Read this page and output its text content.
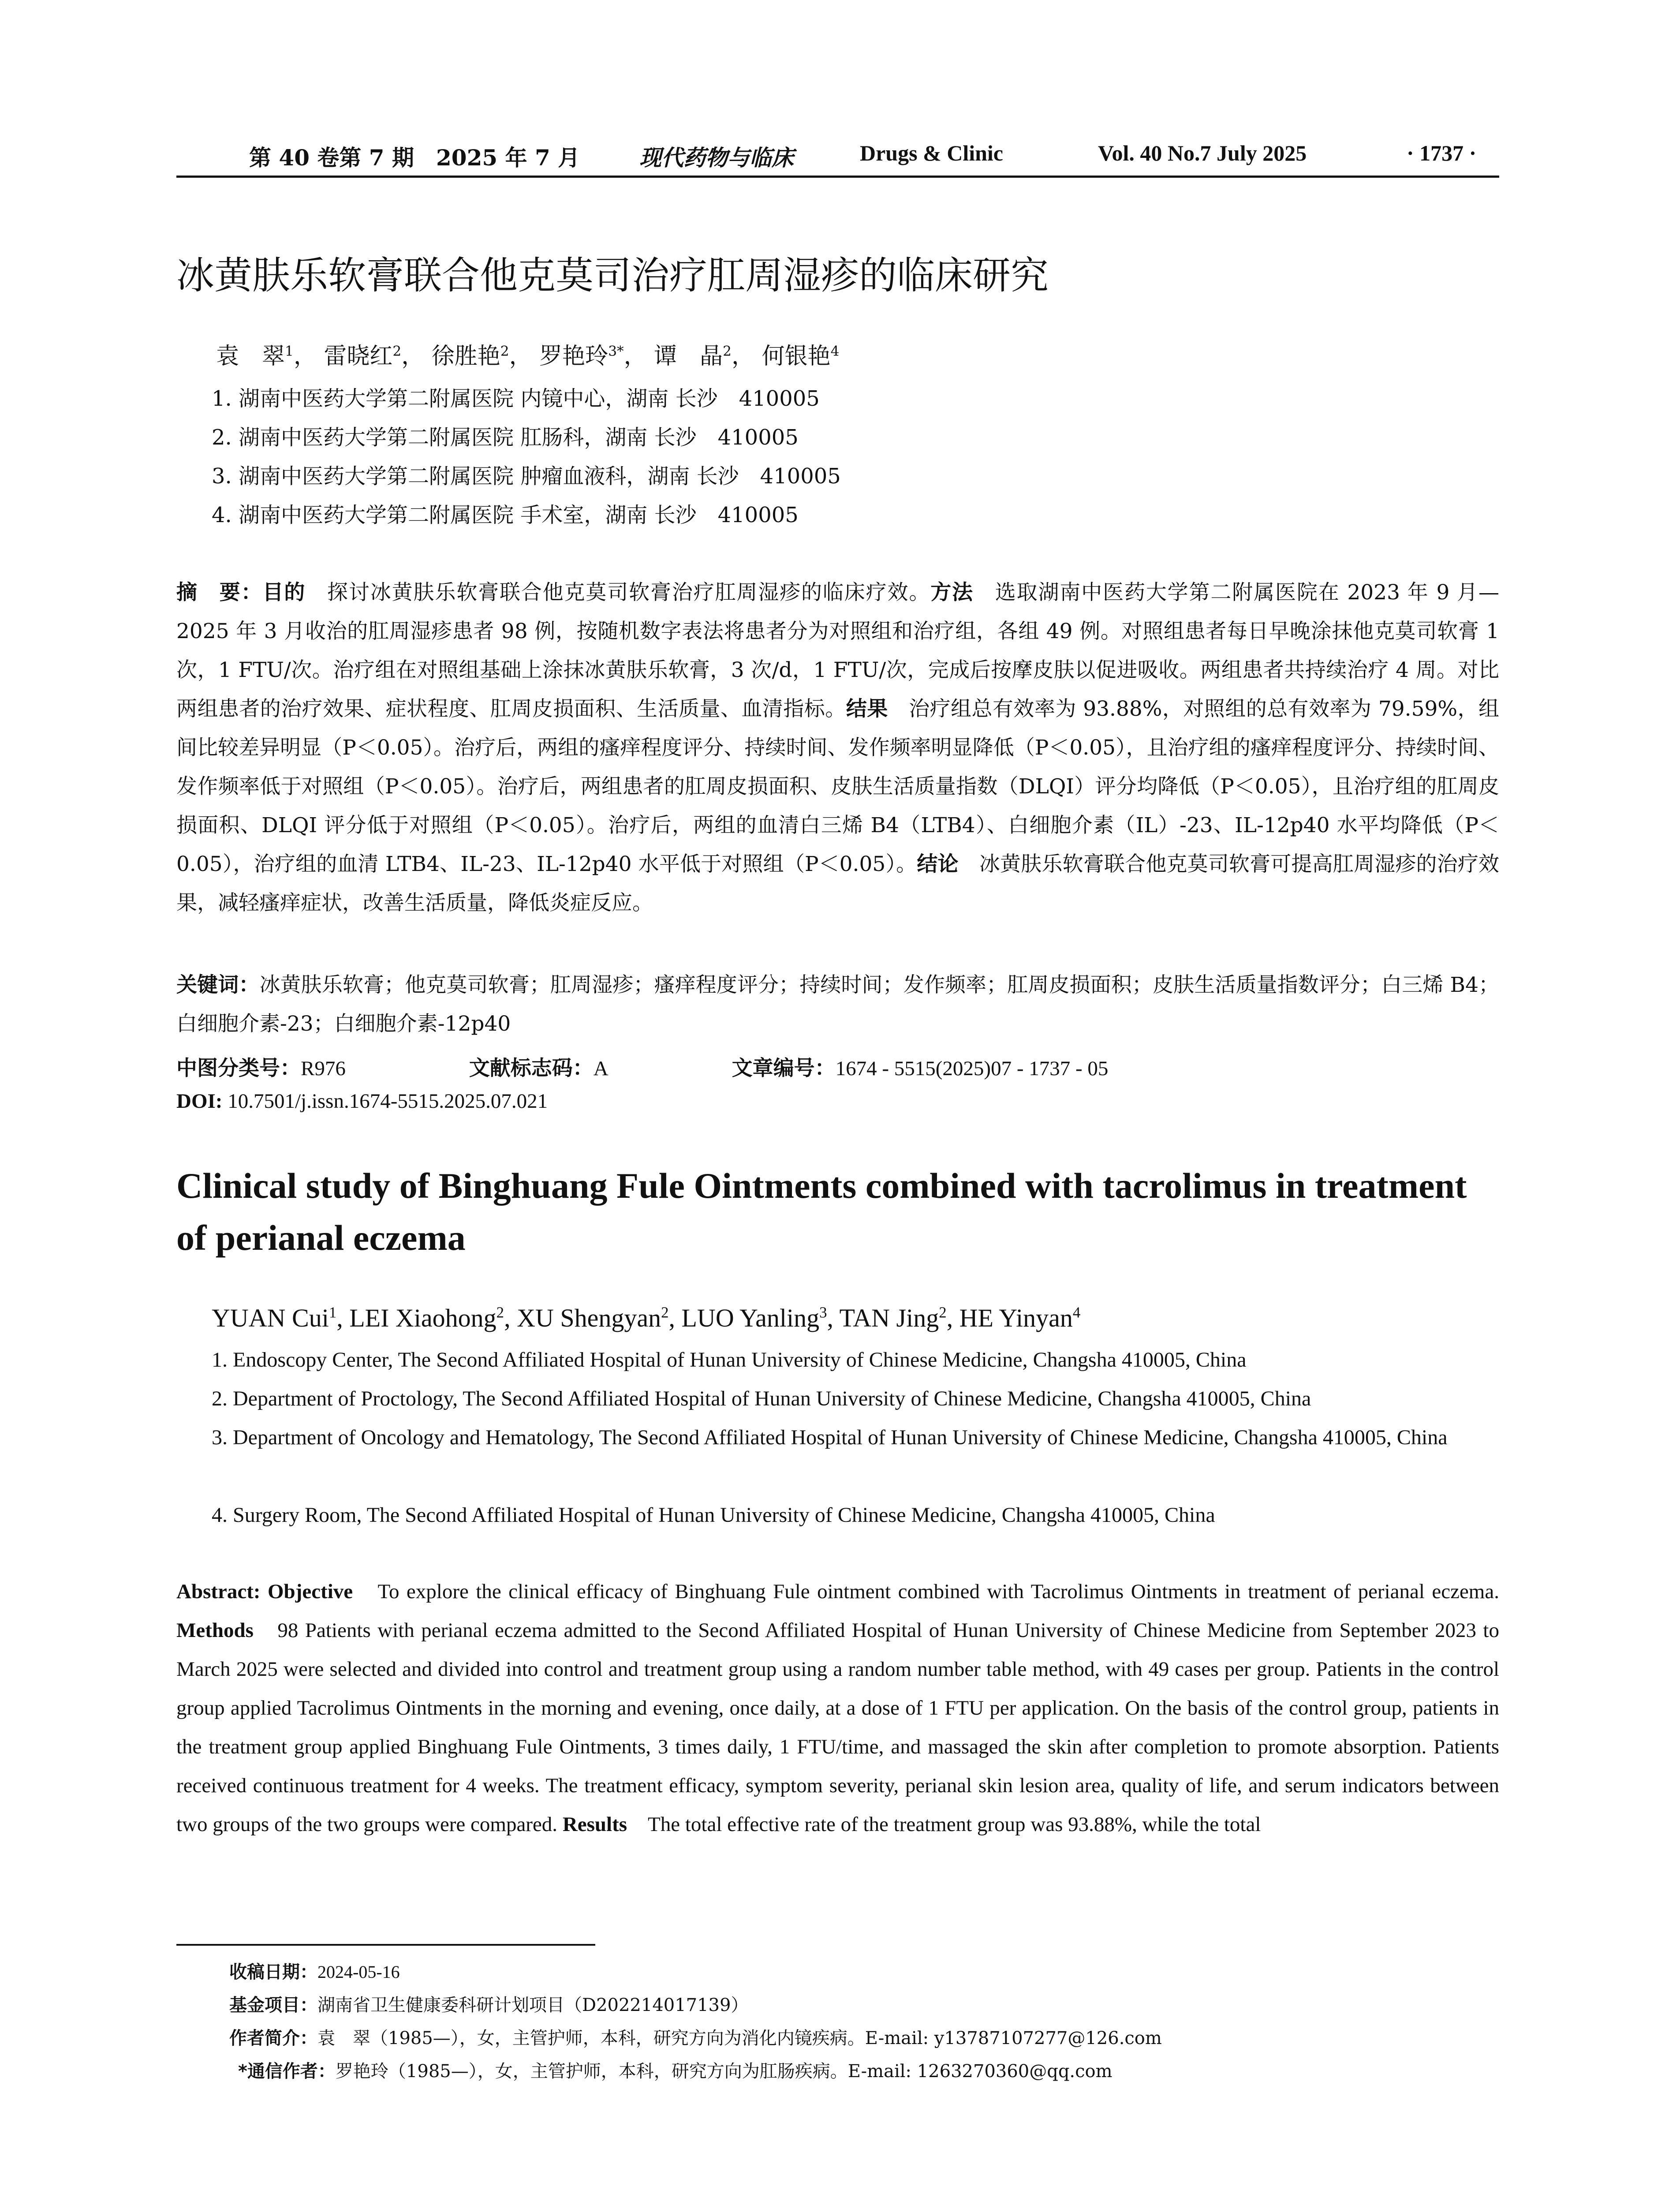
第 40 卷第 7 期　2025 年 7 月	现代药物与临床	Drugs & Clinic	Vol. 40 No.7 July 2025	· 1737 ·
冰黄肤乐软膏联合他克莫司治疗肛周湿疹的临床研究
袁　翠$^1$， 雷晓红$^2$， 徐胜艳$^2$， 罗艳玲$^{3*}$， 谭　晶$^2$， 何银艳$^4$
1. 湖南中医药大学第二附属医院 内镜中心，湖南 长沙　410005
2. 湖南中医药大学第二附属医院 肛肠科，湖南 长沙　410005
3. 湖南中医药大学第二附属医院 肿瘤血液科，湖南 长沙　410005
4. 湖南中医药大学第二附属医院 手术室，湖南 长沙　410005

摘　要：目的　探讨冰黄肤乐软膏联合他克莫司软膏治疗肛周湿疹的临床疗效。方法　选取湖南中医药大学第二附属医院在 2023 年 9 月—2025 年 3 月收治的肛周湿疹患者 98 例，按随机数字表法将患者分为对照组和治疗组，各组 49 例。对照组患者每日早晚涂抹他克莫司软膏 1 次，1 FTU/次。治疗组在对照组基础上涂抹冰黄肤乐软膏，3 次/d，1 FTU/次，完成后按摩皮肤以促进吸收。两组患者共持续治疗 4 周。对比两组患者的治疗效果、症状程度、肛周皮损面积、生活质量、血清指标。结果　治疗组总有效率为 93.88%，对照组的总有效率为 79.59%，组间比较差异明显（P＜0.05）。治疗后，两组的瘙痒程度评分、持续时间、发作频率明显降低（P＜0.05），且治疗组的瘙痒程度评分、持续时间、发作频率低于对照组（P＜0.05）。治疗后，两组患者的肛周皮损面积、皮肤生活质量指数（DLQI）评分均降低（P＜0.05），且治疗组的肛周皮损面积、DLQI 评分低于对照组（P＜0.05）。治疗后，两组的血清白三烯 B4（LTB4）、白细胞介素（IL）-23、IL-12p40 水平均降低（P＜0.05），治疗组的血清 LTB4、IL-23、IL-12p40 水平低于对照组（P＜0.05）。结论　冰黄肤乐软膏联合他克莫司软膏可提高肛周湿疹的治疗效果，减轻瘙痒症状，改善生活质量，降低炎症反应。

关键词：冰黄肤乐软膏；他克莫司软膏；肛周湿疹；瘙痒程度评分；持续时间；发作频率；肛周皮损面积；皮肤生活质量指数评分；白三烯 B4；白细胞介素-23；白细胞介素-12p40

中图分类号：R976	文献标志码：A	文章编号：1674 - 5515(2025)07 - 1737 - 05
DOI: 10.7501/j.issn.1674-5515.2025.07.021
Clinical study of Binghuang Fule Ointments combined with tacrolimus in treatment of perianal eczema
YUAN Cui$^1$, LEI Xiaohong$^2$, XU Shengyan$^2$, LUO Yanling$^3$, TAN Jing$^2$, HE Yinyan$^4$
1. Endoscopy Center, The Second Affiliated Hospital of Hunan University of Chinese Medicine, Changsha 410005, China
2. Department of Proctology, The Second Affiliated Hospital of Hunan University of Chinese Medicine, Changsha 410005, China
3. Department of Oncology and Hematology, The Second Affiliated Hospital of Hunan University of Chinese Medicine, Changsha 410005, China
4. Surgery Room, The Second Affiliated Hospital of Hunan University of Chinese Medicine, Changsha 410005, China

Abstract: Objective　To explore the clinical efficacy of Binghuang Fule ointment combined with Tacrolimus Ointments in treatment of perianal eczema. Methods　98 Patients with perianal eczema admitted to the Second Affiliated Hospital of Hunan University of Chinese Medicine from September 2023 to March 2025 were selected and divided into control and treatment group using a random number table method, with 49 cases per group. Patients in the control group applied Tacrolimus Ointments in the morning and evening, once daily, at a dose of 1 FTU per application. On the basis of the control group, patients in the treatment group applied Binghuang Fule Ointments, 3 times daily, 1 FTU/time, and massaged the skin after completion to promote absorption. Patients received continuous treatment for 4 weeks. The treatment efficacy, symptom severity, perianal skin lesion area, quality of life, and serum indicators between two groups of the two groups were compared. Results　The total effective rate of the treatment group was 93.88%, while the total

收稿日期：2024-05-16
基金项目：湖南省卫生健康委科研计划项目（D202214017139）
作者简介：袁　翠（1985—），女，主管护师，本科，研究方向为消化内镜疾病。E-mail: y13787107277@126.com
*通信作者：罗艳玲（1985—），女，主管护师，本科，研究方向为肛肠疾病。E-mail: 1263270360@qq.com
